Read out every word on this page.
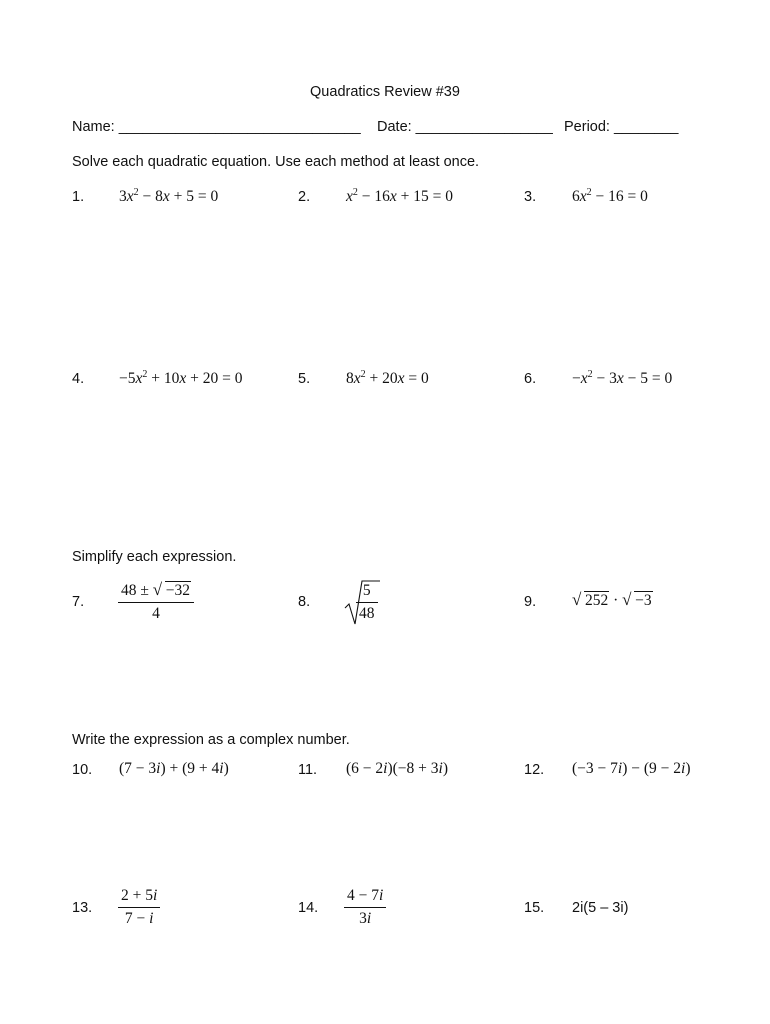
Quadratics Review #39
Name: ______________________________ Date: _________________ Period: ________
Solve each quadratic equation. Use each method at least once.
1. $3x^2 - 8x + 5 = 0$	2. $x^2 - 16x + 15 = 0$	3. $6x^2 - 16 = 0$
4. $-5x^2 + 10x + 20 = 0$	5. $8x^2 + 20x = 0$	6. $-x^2 - 3x - 5 = 0$
Simplify each expression.
7. $\frac{48 \pm √ -32}{4}$	8.	$\frac{5}{48}$	9. √ 252 · √ −3
Write the expression as a complex number.
10. (7 − 3i) + (9 + 4i)	11. (6 − 2i)(−8 + 3i)	12. (−3 − 7i) − (9 − 2i)
13. $\frac{2 + 5i}{7 - i}$	14. $\frac{4 - 7i}{3i}$	15. 2i(5 – 3i)
